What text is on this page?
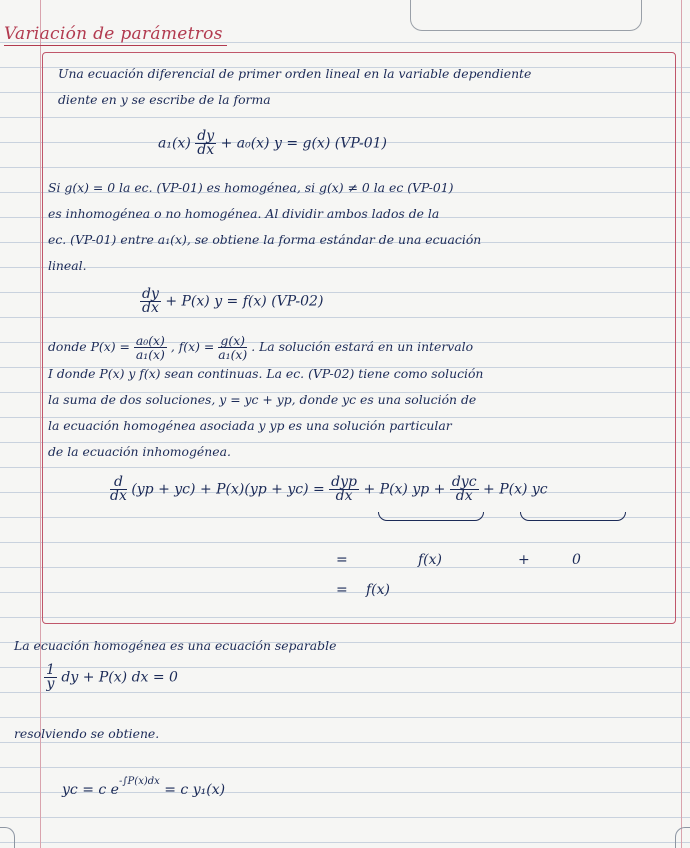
Variación de parámetros
Una ecuación diferencial de primer orden lineal en la variable dependiente
diente en y se escribe de la forma
$a_1(x) \frac{dy}{dx} + a_0(x) y = g(x)$ (VP-01)
Si g(x) = 0 la ec. (VP-01) es homogénea, si g(x) ≠ 0 la ec (VP-01)
es inhomogénea o no homogénea. Al dividir ambos lados de la
ec. (VP-01) entre a₁(x), se obtiene la forma estándar de una ecuación
lineal.
$\frac{dy}{dx} + P(x) y = f(x)$ (VP-02)
donde $P(x) = \frac{\text{a₀(x)}}{\text{a₁(x)}}$ , $f(x) = \frac{g(x)}{\text{a₁(x)}}$ . La solución estará en un intervalo
I donde P(x) y f(x) sean continuas. La ec. (VP-02) tiene como solución
la suma de dos soluciones, y = yc + yp, donde yc es una solución de
la ecuación homogénea asociada y yp es una solución particular
de la ecuación inhomogénea.
$\frac{d}{dx} (yp + yc) + P(x)(yp + yc) = \frac{\text{dyp}}{dx} + P(x)$ yp + $\frac{\text{dyc}}{dx} + P(x)$ yc
=	f(x)	+	0
= f(x)
La ecuación homogénea es una ecuación separable
$\frac{1}{y}$ dy + P(x) dx = 0
resolviendo se obtiene.
yc = c $e^{-\int P(x)dx} = c$ y₁(x)
